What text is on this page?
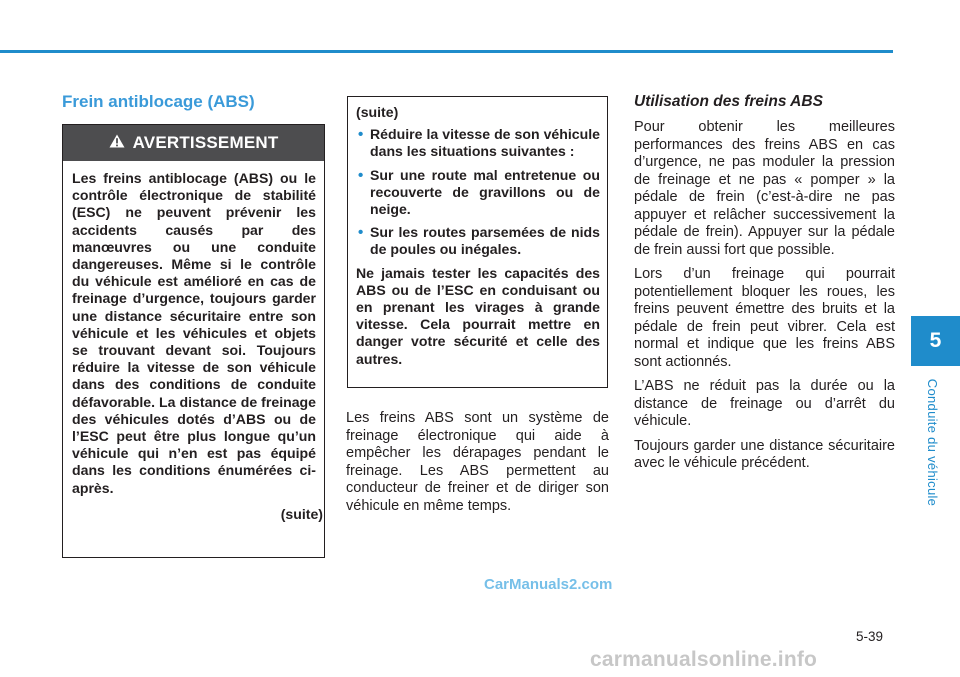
Frein antiblocage (ABS)
AVERTISSEMENT
Les freins antiblocage (ABS) ou le contrôle électronique de stabilité (ESC) ne peuvent prévenir les accidents causés par des manœuvres ou une conduite dangereuses. Même si le contrôle du véhicule est amélioré en cas de freinage d’urgence, toujours garder une distance sécuritaire entre son véhicule et les véhicules et objets se trouvant devant soi. Toujours réduire la vitesse de son véhicule dans des conditions de conduite défavorable. La distance de freinage des véhicules dotés d’ABS ou de l’ESC peut être plus longue qu’un véhicule qui n’en est pas équipé dans les conditions énumérées ci-après.
(suite)

(suite)

• Réduire la vitesse de son véhicule dans les situations suivantes :
• Sur une route mal entretenue ou recouverte de gravillons ou de neige.
• Sur les routes parsemées de nids de poules ou inégales.

Ne jamais tester les capacités des ABS ou de l’ESC en conduisant ou en prenant les virages à grande vitesse. Cela pourrait mettre en danger votre sécurité et celle des autres.

Les freins ABS sont un système de freinage électronique qui aide à empêcher les dérapages pendant le freinage. Les ABS permettent au conducteur de freiner et de diriger son véhicule en même temps.
Utilisation des freins ABS

Pour obtenir les meilleures performances des freins ABS en cas d’urgence, ne pas moduler la pression de freinage et ne pas « pomper » la pédale de frein (c’est-à-dire ne pas appuyer et relâcher successivement la pédale de frein). Appuyer sur la pédale de frein aussi fort que possible.

Lors d’un freinage qui pourrait potentiellement bloquer les roues, les freins peuvent émettre des bruits et la pédale de frein peut vibrer. Cela est normal et indique que les freins ABS sont actionnés.

L’ABS ne réduit pas la durée ou la distance de freinage ou d’arrêt du véhicule.

Toujours garder une distance sécuritaire avec le véhicule précédent.

5
Conduite du véhicule
5-39
CarManuals2.com
carmanualsonline.info
